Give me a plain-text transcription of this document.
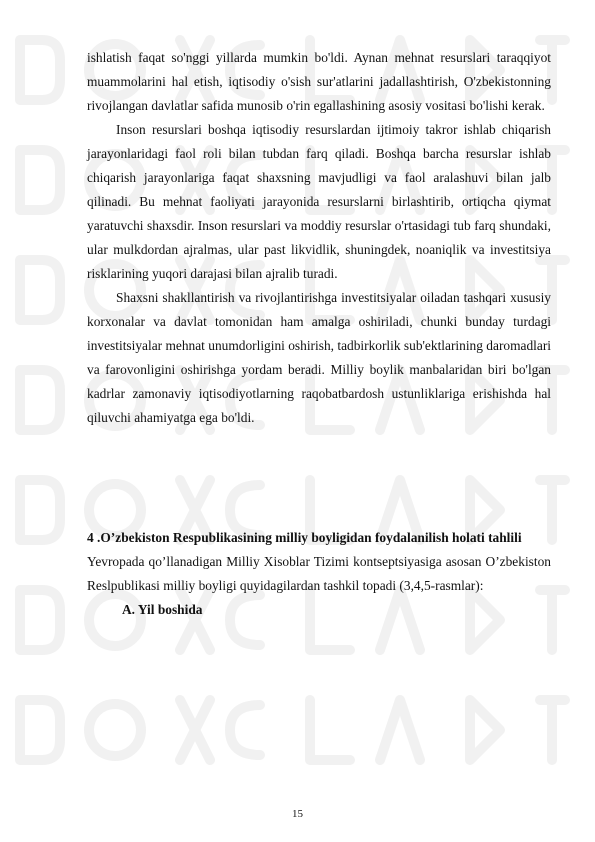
ishlatish faqat so'nggi yillarda mumkin bo'ldi. Aynan mehnat resurslari taraqqiyot muammolarini hal etish, iqtisodiy o'sish sur'atlarini jadallashtirish, O'zbekistonning rivojlangan davlatlar safida munosib o'rin egallashining asosiy vositasi bo'lishi kerak.

Inson resurslari boshqa iqtisodiy resurslardan ijtimoiy takror ishlab chiqarish jarayonlaridagi faol roli bilan tubdan farq qiladi. Boshqa barcha resurslar ishlab chiqarish jarayonlariga faqat shaxsning mavjudligi va faol aralashuvi bilan jalb qilinadi. Bu mehnat faoliyati jarayonida resurslarni birlashtirib, ortiqcha qiymat yaratuvchi shaxsdir. Inson resurslari va moddiy resurslar o'rtasidagi tub farq shundaki, ular mulkdordan ajralmas, ular past likvidlik, shuningdek, noaniqlik va investitsiya risklarining yuqori darajasi bilan ajralib turadi.

Shaxsni shakllantirish va rivojlantirishga investitsiyalar oiladan tashqari xususiy korxonalar va davlat tomonidan ham amalga oshiriladi, chunki bunday turdagi investitsiyalar mehnat unumdorligini oshirish, tadbirkorlik sub'ektlarining daromadlari va farovonligini oshirishga yordam beradi. Milliy boylik manbalaridan biri bo'lgan kadrlar zamonaviy iqtisodiyotlarning raqobatbardosh ustunliklariga erishishda hal qiluvchi ahamiyatga ega bo'ldi.

4 .O’zbekiston Respublikasining milliy boyligidan foydalanilish holati tahlili

Yevropada qo’llanadigan Milliy Xisoblar Tizimi kontseptsiyasiga asosan O’zbekiston Reslpublikasi milliy boyligi quyidagilardan tashkil topadi (3,4,5-rasmlar):

A. Yil boshida

15
